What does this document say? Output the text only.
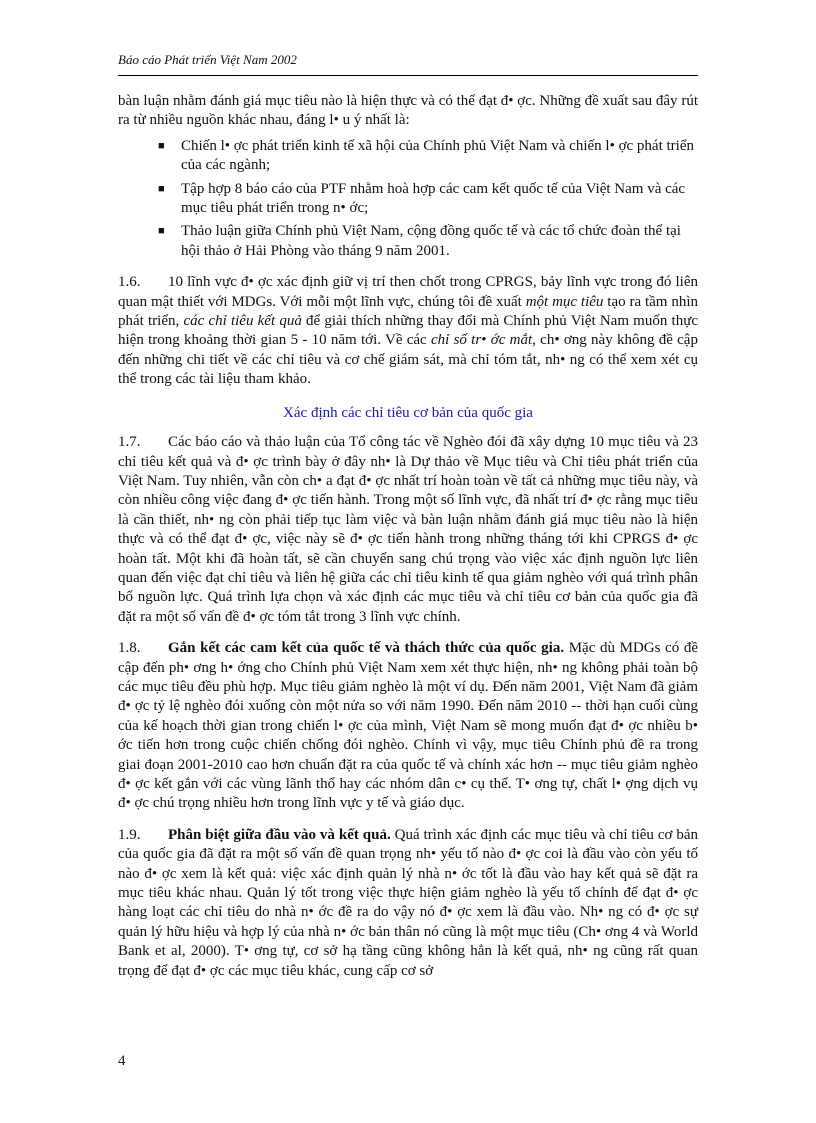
Báo cáo Phát triển Việt Nam 2002

bàn luận nhằm đánh giá mục tiêu nào là hiện thực và có thể đạt đ• ợc. Những đề xuất sau đây rút ra từ nhiều nguồn khác nhau, đáng l• u ý nhất là:

■ Chiến l• ợc phát triển kinh tế xã hội của Chính phủ Việt Nam và chiến l• ợc phát triển của các ngành;
■ Tập hợp 8 báo cáo của PTF nhằm hoà hợp các cam kết quốc tế của Việt Nam và các mục tiêu phát triển trong n• ớc;
■ Thảo luận giữa Chính phủ Việt Nam, cộng đồng quốc tế và các tổ chức đoàn thể tại hội thảo ở Hải Phòng vào tháng 9 năm 2001.

1.6. 10 lĩnh vực đ• ợc xác định giữ vị trí then chốt trong CPRGS, bảy lĩnh vực trong đó liên quan mật thiết với MDGs. Với mỗi một lĩnh vực, chúng tôi đề xuất một mục tiêu tạo ra tầm nhìn phát triển, các chỉ tiêu kết quả để giải thích những thay đổi mà Chính phủ Việt Nam muốn thực hiện trong khoảng thời gian 5 - 10 năm tới. Về các chỉ số tr• ớc mắt, ch• ơng này không đề cập đến những chi tiết về các chỉ tiêu và cơ chế giám sát, mà chỉ tóm tắt, nh• ng có thể xem xét cụ thể trong các tài liệu tham khảo.

Xác định các chỉ tiêu cơ bản của quốc gia

1.7. Các báo cáo và thảo luận của Tổ công tác về Nghèo đói đã xây dựng 10 mục tiêu và 23 chỉ tiêu kết quả và đ• ợc trình bày ở đây nh• là Dự thảo về Mục tiêu và Chỉ tiêu phát triển của Việt Nam. Tuy nhiên, vẫn còn ch• a đạt đ• ợc nhất trí hoàn toàn về tất cả những mục tiêu này, và còn nhiều công việc đang đ• ợc tiến hành. Trong một số lĩnh vực, đã nhất trí đ• ợc rằng mục tiêu là cần thiết, nh• ng còn phải tiếp tục làm việc và bàn luận nhằm đánh giá mục tiêu nào là hiện thực và có thể đạt đ• ợc, việc này sẽ đ• ợc tiến hành trong những tháng tới khi CPRGS đ• ợc hoàn tất. Một khi đã hoàn tất, sẽ cần chuyển sang chú trọng vào việc xác định nguồn lực liên quan đến việc đạt chỉ tiêu và liên hệ giữa các chỉ tiêu kinh tế qua giảm nghèo với quá trình phân bổ nguồn lực. Quá trình lựa chọn và xác định các mục tiêu và chỉ tiêu cơ bản của quốc gia đã đặt ra một số vấn đề đ• ợc tóm tắt trong 3 lĩnh vực chính.

1.8. Gắn kết các cam kết của quốc tế và thách thức của quốc gia. Mặc dù MDGs có đề cập đến ph• ơng h• ớng cho Chính phủ Việt Nam xem xét thực hiện, nh• ng không phải toàn bộ các mục tiêu đều phù hợp. Mục tiêu giảm nghèo là một ví dụ. Đến năm 2001, Việt Nam đã giảm đ• ợc tỷ lệ nghèo đói xuống còn một nửa so với năm 1990. Đến năm 2010 -- thời hạn cuối cùng của kế hoạch thời gian trong chiến l• ợc của mình, Việt Nam sẽ mong muốn đạt đ• ợc nhiều b• ớc tiến hơn trong cuộc chiến chống đói nghèo. Chính vì vậy, mục tiêu Chính phủ đề ra trong giai đoạn 2001-2010 cao hơn chuẩn đặt ra của quốc tế và chính xác hơn -- mục tiêu giảm nghèo đ• ợc kết gắn với các vùng lãnh thổ hay các nhóm dân c• cụ thể. T• ơng tự, chất l• ợng dịch vụ đ• ợc chú trọng nhiều hơn trong lĩnh vực y tế và giáo dục.

1.9. Phân biệt giữa đầu vào và kết quả. Quá trình xác định các mục tiêu và chỉ tiêu cơ bản của quốc gia đã đặt ra một số vấn đề quan trọng nh• yếu tố nào đ• ợc coi là đầu vào còn yếu tố nào đ• ợc xem là kết quả: việc xác định quản lý nhà n• ớc tốt là đầu vào hay kết quả sẽ đặt ra mục tiêu khác nhau. Quản lý tốt trong việc thực hiện giảm nghèo là yếu tố chính để đạt đ• ợc hàng loạt các chỉ tiêu do nhà n• ớc đề ra do vậy nó đ• ợc xem là đầu vào. Nh• ng có đ• ợc sự quản lý hữu hiệu và hợp lý của nhà n• ớc bản thân nó cũng là một mục tiêu (Ch• ơng 4 và World Bank et al, 2000). T• ơng tự, cơ sở hạ tầng cũng không hẳn là kết quả, nh• ng cũng rất quan trọng để đạt đ• ợc các mục tiêu khác, cung cấp cơ sở

4
